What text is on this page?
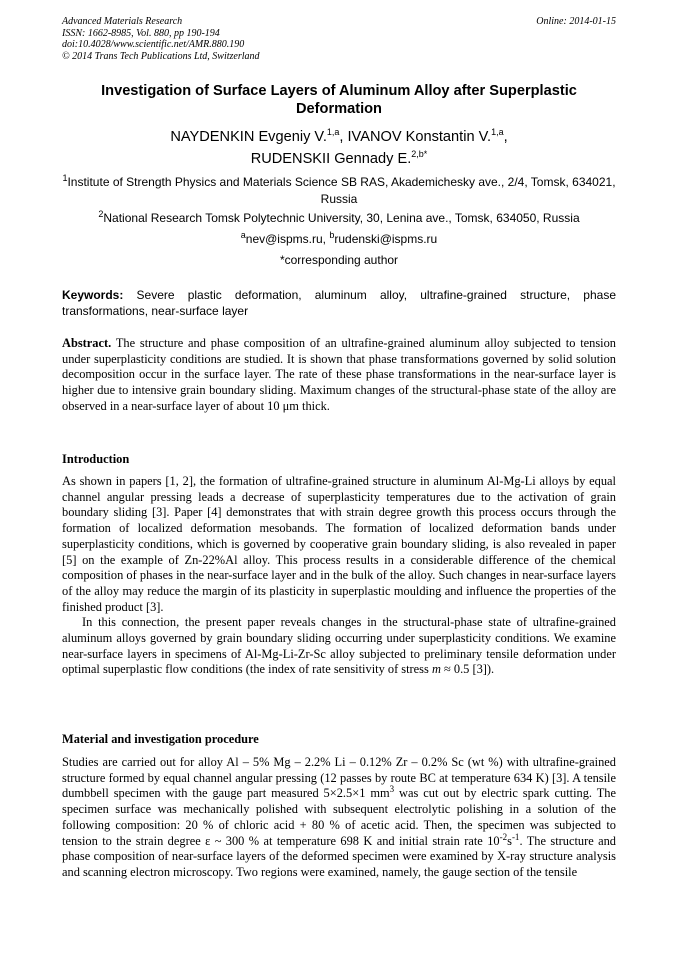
Advanced Materials Research
ISSN: 1662-8985, Vol. 880, pp 190-194
doi:10.4028/www.scientific.net/AMR.880.190
© 2014 Trans Tech Publications Ltd, Switzerland
Online: 2014-01-15
Investigation of Surface Layers of Aluminum Alloy after Superplastic Deformation
NAYDENKIN Evgeniy V.$^{1,a}$, IVANOV Konstantin V.$^{1,a}$,
RUDENSKII Gennady E.$^{2,b*}$
$^1$Institute of Strength Physics and Materials Science SB RAS, Akademichesky ave., 2/4, Tomsk, 634021, Russia
$^2$National Research Tomsk Polytechnic University, 30, Lenina ave., Tomsk, 634050, Russia
$^a$nev@ispms.ru, $^b$rudenski@ispms.ru
*corresponding author
Keywords: Severe plastic deformation, aluminum alloy, ultrafine-grained structure, phase transformations, near-surface layer
Abstract. The structure and phase composition of an ultrafine-grained aluminum alloy subjected to tension under superplasticity conditions are studied. It is shown that phase transformations governed by solid solution decomposition occur in the surface layer. The rate of these phase transformations in the near-surface layer is higher due to intensive grain boundary sliding. Maximum changes of the structural-phase state of the alloy are observed in a near-surface layer of about 10 μm thick.
Introduction

As shown in papers [1, 2], the formation of ultrafine-grained structure in aluminum Al-Mg-Li alloys by equal channel angular pressing leads a decrease of superplasticity temperatures due to the activation of grain boundary sliding [3]. Paper [4] demonstrates that with strain degree growth this process occurs through the formation of localized deformation mesobands. The formation of localized deformation bands under superplasticity conditions, which is governed by cooperative grain boundary sliding, is also revealed in paper [5] on the example of Zn-22%Al alloy. This process results in a considerable difference of the chemical composition of phases in the near-surface layer and in the bulk of the alloy. Such changes in near-surface layers of the alloy may reduce the margin of its plasticity in superplastic moulding and influence the properties of the finished product [3].

In this connection, the present paper reveals changes in the structural-phase state of ultrafine-grained aluminum alloys governed by grain boundary sliding occurring under superplasticity conditions. We examine near-surface layers in specimens of Al-Mg-Li-Zr-Sc alloy subjected to preliminary tensile deformation under optimal superplastic flow conditions (the index of rate sensitivity of stress m ≈ 0.5 [3]).

Material and investigation procedure

Studies are carried out for alloy Al – 5% Mg – 2.2% Li – 0.12% Zr – 0.2% Sc (wt %) with ultrafine-grained structure formed by equal channel angular pressing (12 passes by route BC at temperature 634 K) [3]. A tensile dumbbell specimen with the gauge part measured 5×2.5×1 $mm^3$ was cut out by electric spark cutting. The specimen surface was mechanically polished with subsequent electrolytic polishing in a solution of the following composition: 20 % of chloric acid + 80 % of acetic acid. Then, the specimen was subjected to tension to the strain degree ε ~ 300 % at temperature 698 K and initial strain rate $10^{-2}s^{-1}$. The structure and phase composition of near-surface layers of the deformed specimen were examined by X-ray structure analysis and scanning electron microscopy. Two regions were examined, namely, the gauge section of the tensile
